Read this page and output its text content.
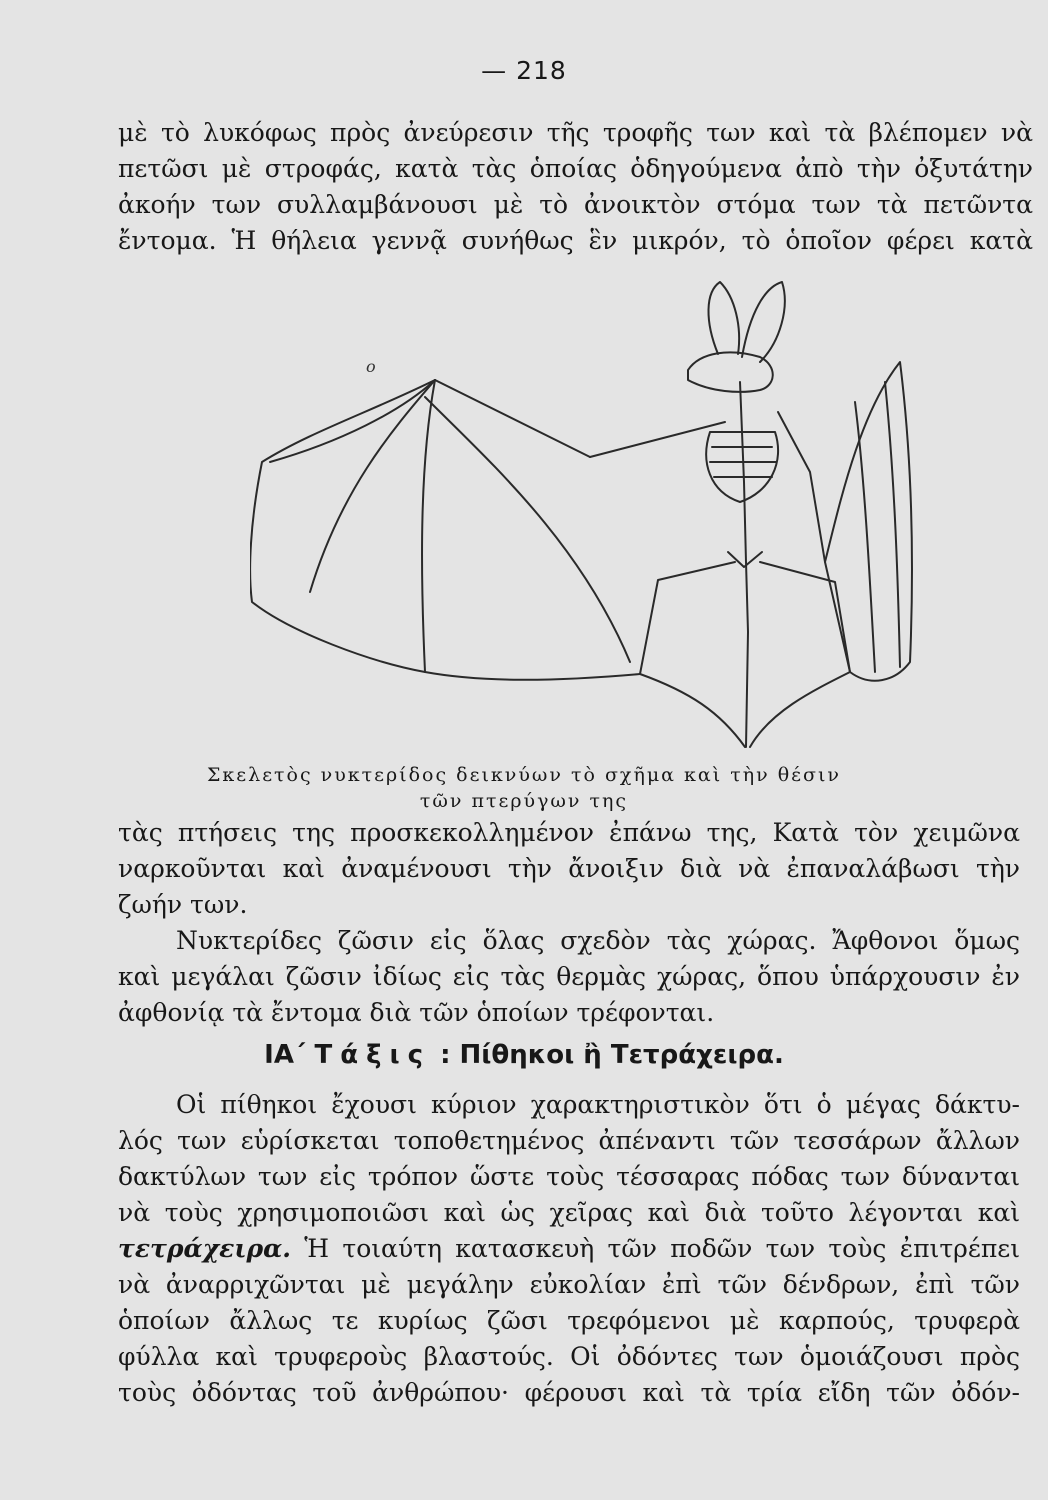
— 218
μὲ τὸ λυκόφως πρὸς ἀνεύρεσιν τῆς τροφῆς των καὶ τὰ βλέπομεν νὰ
πετῶσι μὲ στροφάς, κατὰ τὰς ὁποίας ὁδηγούμενα ἀπὸ τὴν ὀξυτάτην
ἀκοήν των συλλαμβάνουσι μὲ τὸ ἀνοικτὸν στόμα των τὰ πετῶντα
ἔντομα. Ἡ θήλεια γεννᾷ συνήθως ἓν μικρόν, τὸ ὁποῖον φέρει κατὰ
o
Σκελετὸς νυκτερίδος δεικνύων τὸ σχῆμα καὶ τὴν θέσιν
τῶν πτερύγων της
τὰς πτήσεις της προσκεκολλημένον ἐπάνω της, Κατὰ τὸν χειμῶνα
ναρκοῦνται καὶ ἀναμένουσι τὴν ἄνοιξιν διὰ νὰ ἐπαναλάβωσι τὴν
ζωήν των.
Νυκτερίδες ζῶσιν εἰς ὅλας σχεδὸν τὰς χώρας. Ἄφθονοι ὅμως
καὶ μεγάλαι ζῶσιν ἰδίως εἰς τὰς θερμὰς χώρας, ὅπου ὑπάρχουσιν ἐν
ἀφθονίᾳ τὰ ἔντομα διὰ τῶν ὁποίων τρέφονται.
ΙΑ΄ Τάξις : Πίθηκοι ἢ Τετράχειρα.
Οἱ πίθηκοι ἔχουσι κύριον χαρακτηριστικὸν ὅτι ὁ μέγας δάκτυ-
λός των εὑρίσκεται τοποθετημένος ἀπέναντι τῶν τεσσάρων ἄλλων
δακτύλων των εἰς τρόπον ὥστε τοὺς τέσσαρας πόδας των δύνανται
νὰ τοὺς χρησιμοποιῶσι καὶ ὡς χεῖρας καὶ διὰ τοῦτο λέγονται καὶ
τετράχειρα. Ἡ τοιαύτη κατασκευὴ τῶν ποδῶν των τοὺς ἐπιτρέπει
νὰ ἀναρριχῶνται μὲ μεγάλην εὐκολίαν ἐπὶ τῶν δένδρων, ἐπὶ τῶν
ὁποίων ἄλλως τε κυρίως ζῶσι τρεφόμενοι μὲ καρπούς, τρυφερὰ
φύλλα καὶ τρυφεροὺς βλαστούς. Οἱ ὀδόντες των ὁμοιάζουσι πρὸς
τοὺς ὀδόντας τοῦ ἀνθρώπου· φέρουσι καὶ τὰ τρία εἴδη τῶν ὀδόν-
